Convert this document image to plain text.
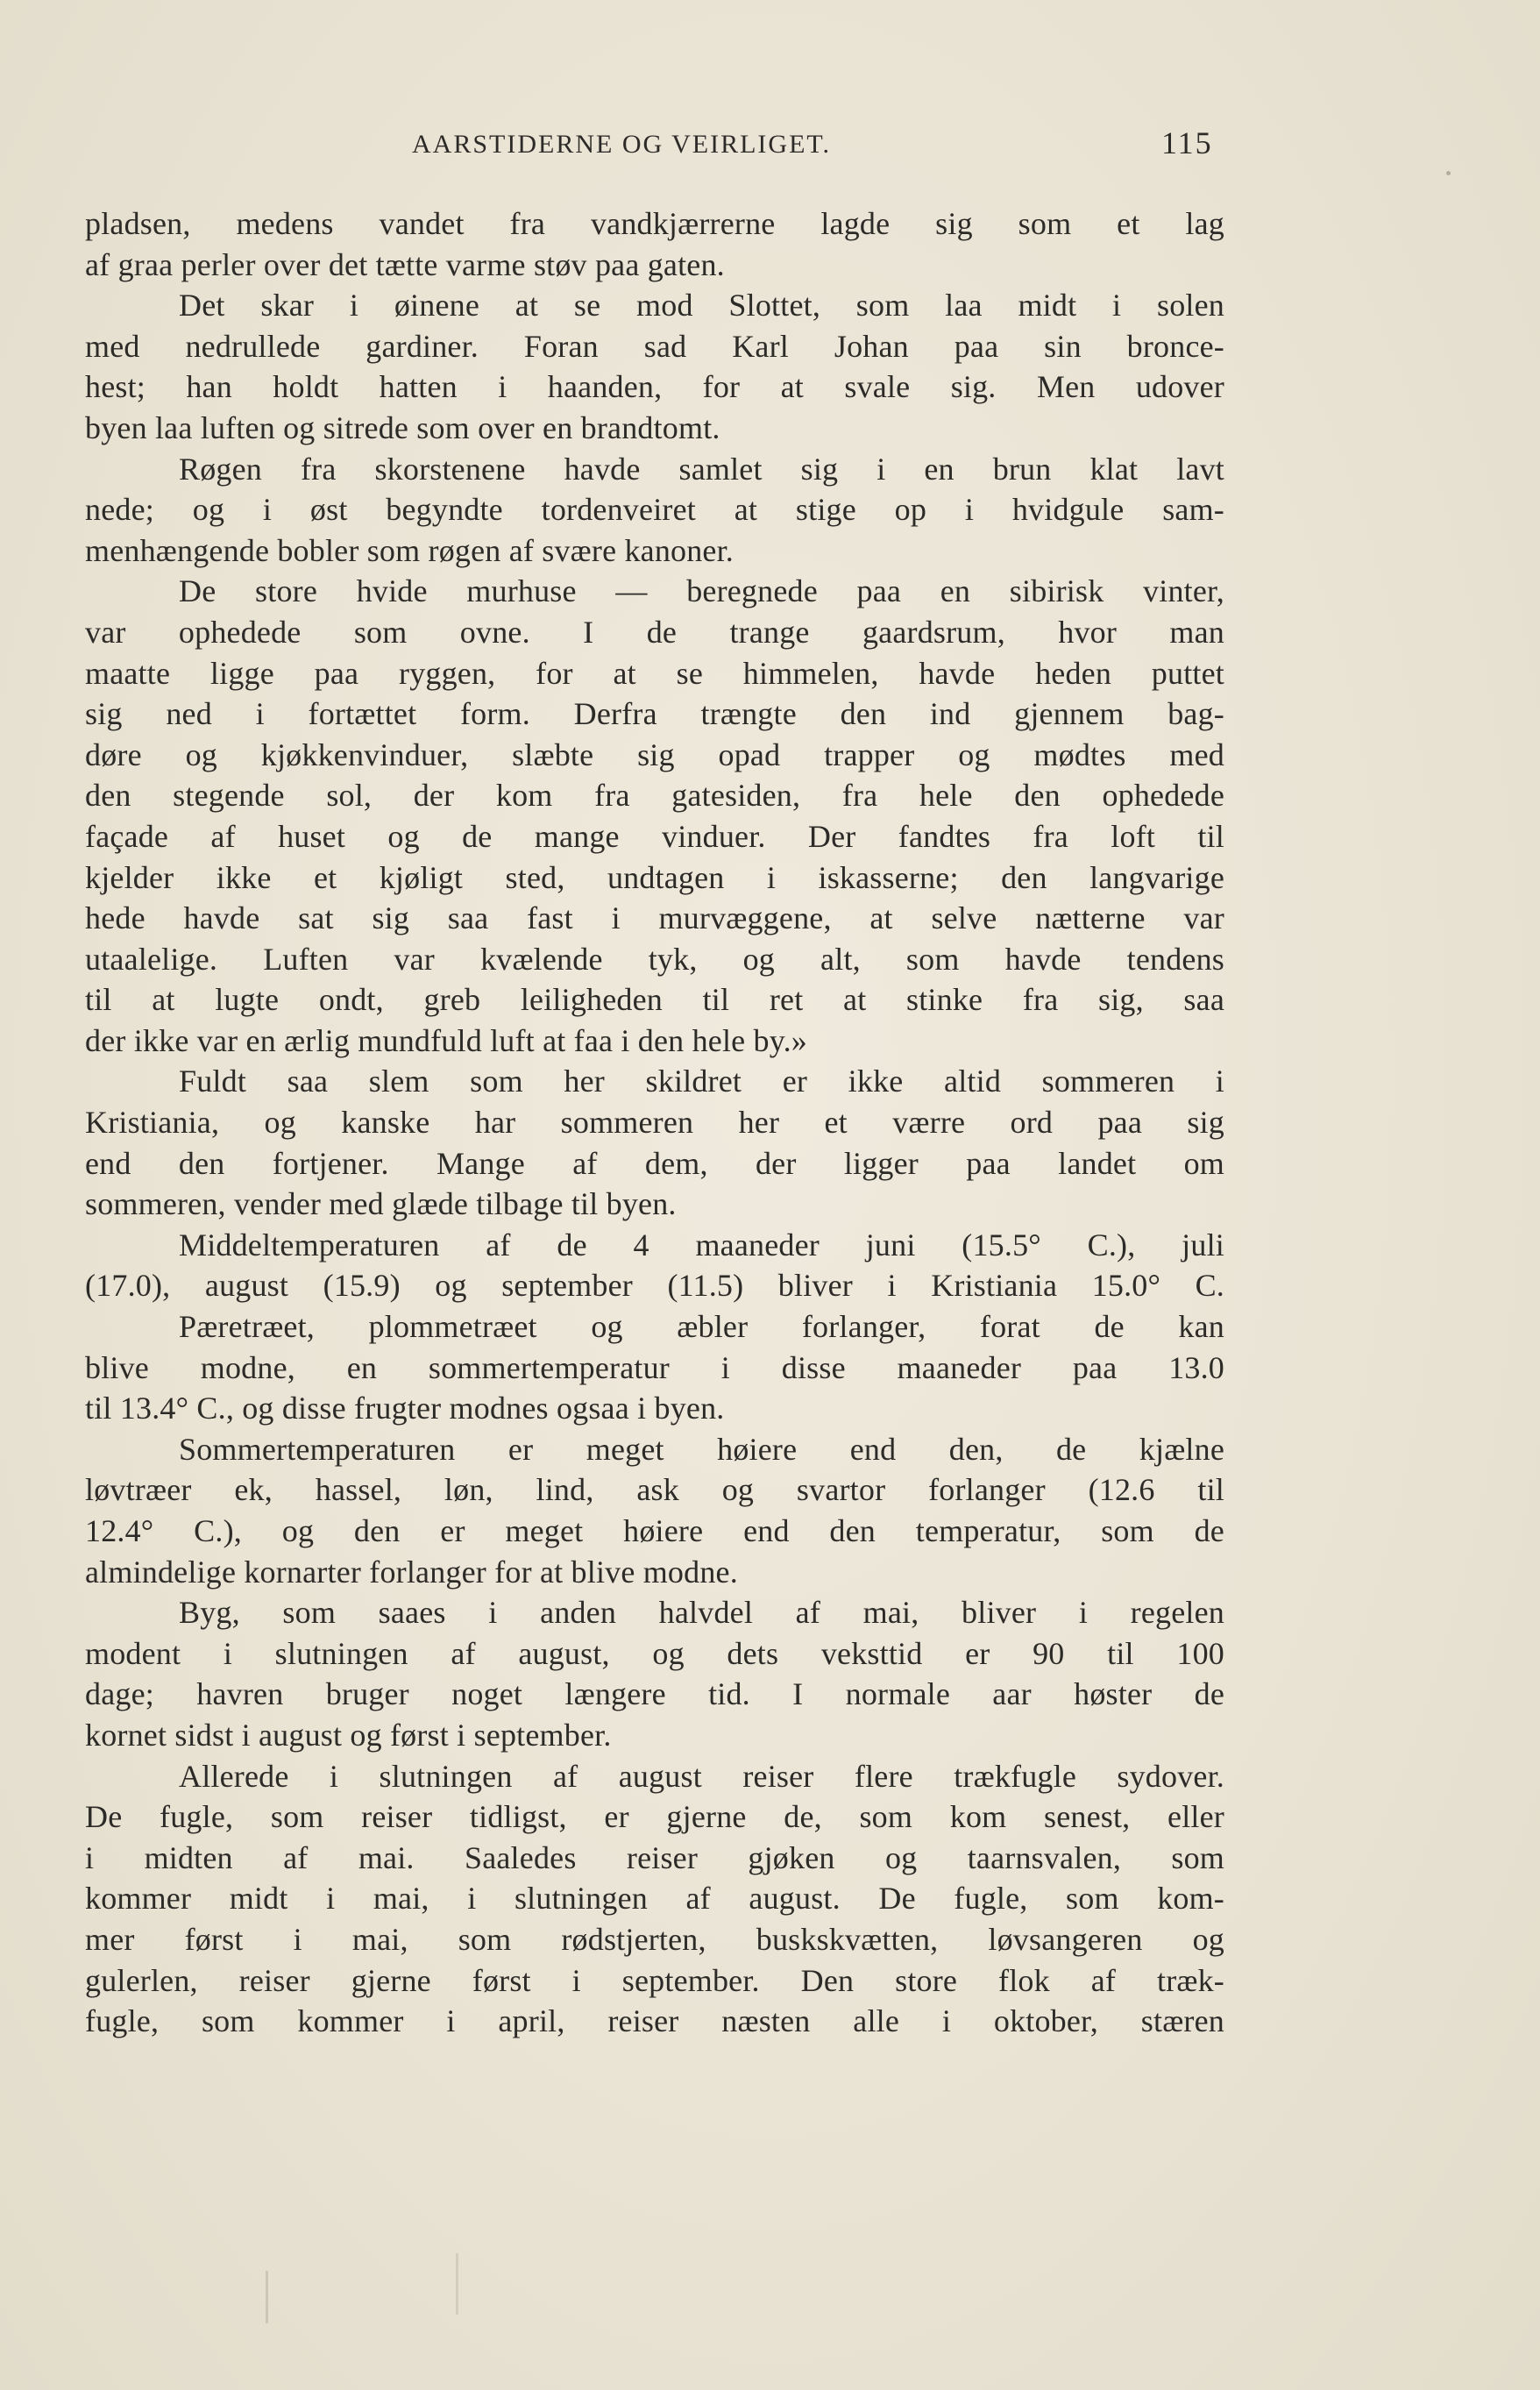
AARSTIDERNE OG VEIRLIGET.	115
pladsen, medens vandet fra vandkjærrerne lagde sig som et lag
af graa perler over det tætte varme støv paa gaten.
Det skar i øinene at se mod Slottet, som laa midt i solen
med nedrullede gardiner. Foran sad Karl Johan paa sin bronce-
hest; han holdt hatten i haanden, for at svale sig. Men udover
byen laa luften og sitrede som over en brandtomt.
Røgen fra skorstenene havde samlet sig i en brun klat lavt
nede; og i øst begyndte tordenveiret at stige op i hvidgule sam-
menhængende bobler som røgen af svære kanoner.
De store hvide murhuse — beregnede paa en sibirisk vinter,
var ophedede som ovne. I de trange gaardsrum, hvor man
maatte ligge paa ryggen, for at se himmelen, havde heden puttet
sig ned i fortættet form. Derfra trængte den ind gjennem bag-
døre og kjøkkenvinduer, slæbte sig opad trapper og mødtes med
den stegende sol, der kom fra gatesiden, fra hele den ophedede
façade af huset og de mange vinduer. Der fandtes fra loft til
kjelder ikke et kjøligt sted, undtagen i iskasserne; den langvarige
hede havde sat sig saa fast i murvæggene, at selve nætterne var
utaalelige. Luften var kvælende tyk, og alt, som havde tendens
til at lugte ondt, greb leiligheden til ret at stinke fra sig, saa
der ikke var en ærlig mundfuld luft at faa i den hele by.»
Fuldt saa slem som her skildret er ikke altid sommeren i
Kristiania, og kanske har sommeren her et værre ord paa sig
end den fortjener. Mange af dem, der ligger paa landet om
sommeren, vender med glæde tilbage til byen.
Middeltemperaturen af de 4 maaneder juni (15.5° C.), juli
(17.0), august (15.9) og september (11.5) bliver i Kristiania 15.0° C.
Pæretræet, plommetræet og æbler forlanger, forat de kan
blive modne, en sommertemperatur i disse maaneder paa 13.0
til 13.4° C., og disse frugter modnes ogsaa i byen.
Sommertemperaturen er meget høiere end den, de kjælne
løvtræer ek, hassel, løn, lind, ask og svartor forlanger (12.6 til
12.4° C.), og den er meget høiere end den temperatur, som de
almindelige kornarter forlanger for at blive modne.
Byg, som saaes i anden halvdel af mai, bliver i regelen
modent i slutningen af august, og dets veksttid er 90 til 100
dage; havren bruger noget længere tid. I normale aar høster de
kornet sidst i august og først i september.
Allerede i slutningen af august reiser flere trækfugle sydover.
De fugle, som reiser tidligst, er gjerne de, som kom senest, eller
i midten af mai. Saaledes reiser gjøken og taarnsvalen, som
kommer midt i mai, i slutningen af august. De fugle, som kom-
mer først i mai, som rødstjerten, buskskvætten, løvsangeren og
gulerlen, reiser gjerne først i september. Den store flok af træk-
fugle, som kommer i april, reiser næsten alle i oktober, stæren
